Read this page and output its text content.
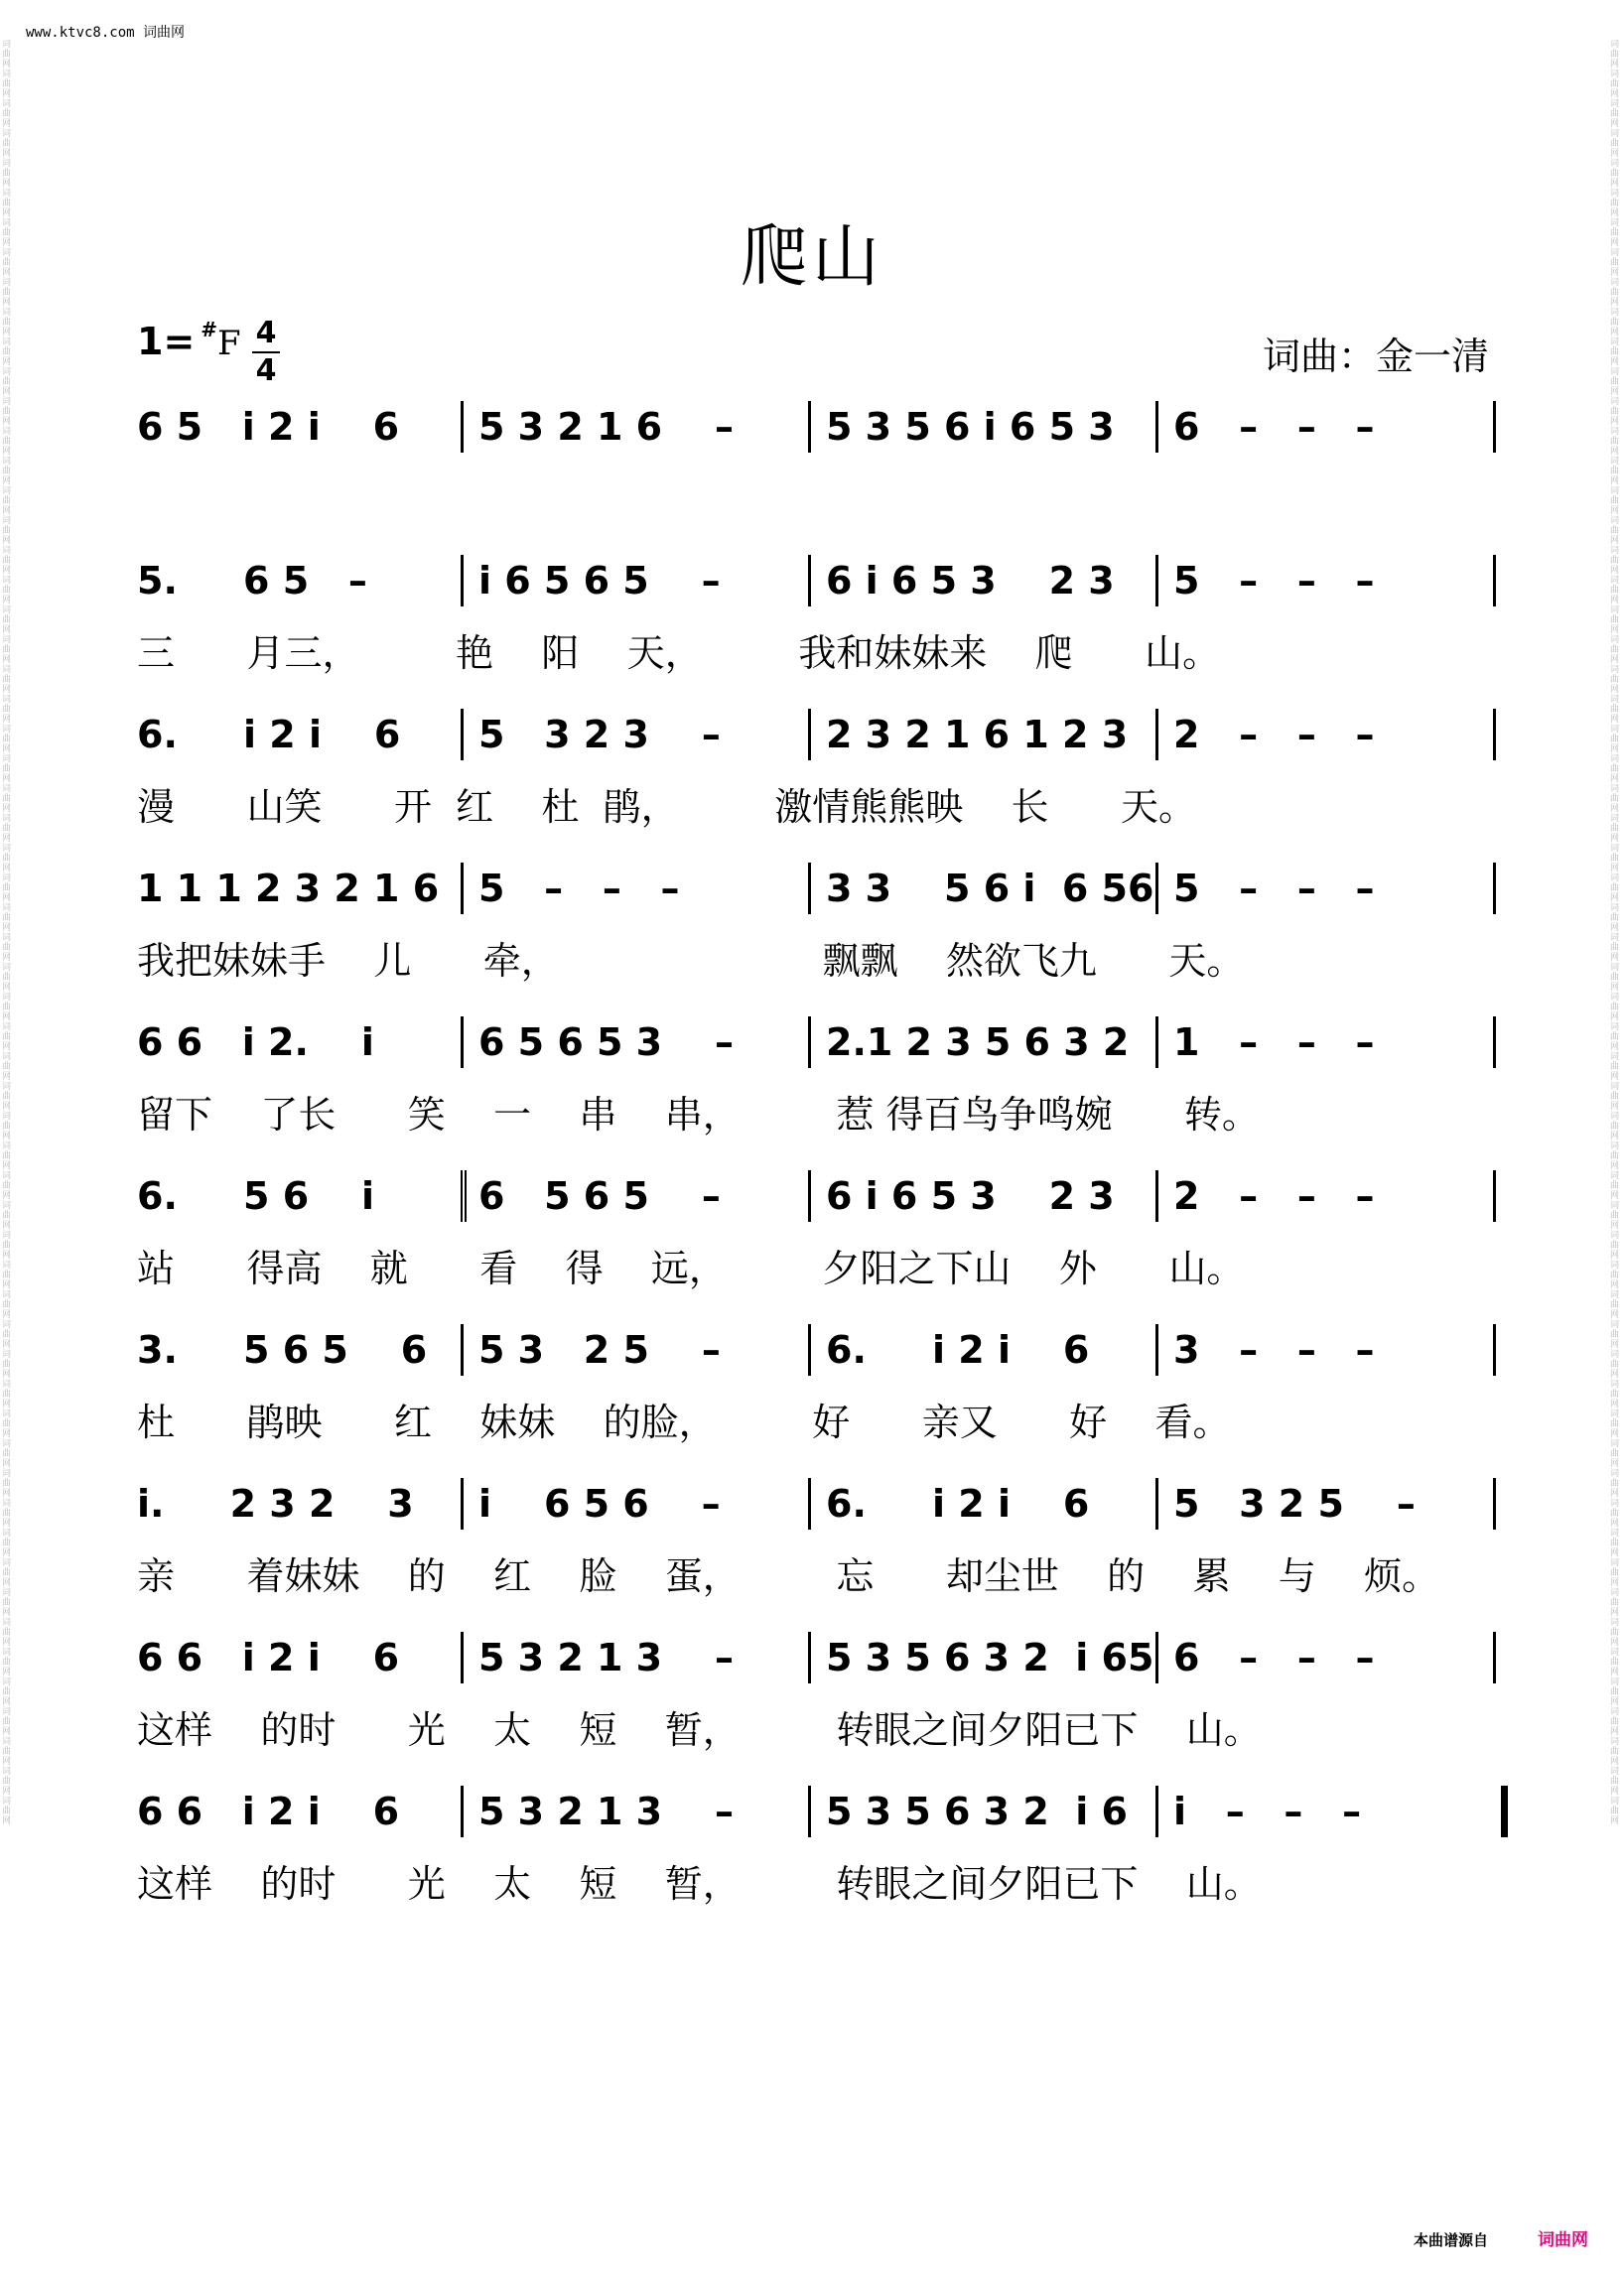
www.ktvc8.com 词曲网
词曲网词曲网词曲网词曲网词曲网词曲网词曲网词曲网词曲网词曲网词曲网词曲网词曲网词曲网词曲网词曲网词曲网词曲网词曲网词曲网词曲网词曲网词曲网词曲网词曲网词曲网词曲网词曲网词曲网词曲网词曲网词曲网词曲网词曲网词曲网词曲网词曲网词曲网词曲网词曲网词曲网词曲网词曲网词曲网词曲网词曲网词曲网词曲网词曲网词曲网词曲网词曲网词曲网词曲网词曲网词曲网词曲网词曲网词曲网词曲网
词曲网词曲网词曲网词曲网词曲网词曲网词曲网词曲网词曲网词曲网词曲网词曲网词曲网词曲网词曲网词曲网词曲网词曲网词曲网词曲网词曲网词曲网词曲网词曲网词曲网词曲网词曲网词曲网词曲网词曲网词曲网词曲网词曲网词曲网词曲网词曲网词曲网词曲网词曲网词曲网词曲网词曲网词曲网词曲网词曲网词曲网词曲网词曲网词曲网词曲网词曲网词曲网词曲网词曲网词曲网词曲网词曲网词曲网词曲网词曲网
爬山
1= #F 4
4	词曲：金一清
6 5   i 2 i    6	5 3 2 1 6    –	5 3 5 6 i 6 5 3	6   –   –   –
5.     6 5   –	i 6 5 6 5    –	6 i 6 5 3    2 3	5   –   –   –
三      月三，        艳    阳    天，        我和妹妹来    爬      山。
6.     i 2 i    6	5   3 2 3    –	2 3 2 1 6 1 2 3	2   –   –   –
漫      山笑      开  红    杜  鹃，        激情熊熊映    长      天。
1 1 1 2 3 2 1 6	5   –   –   –	3 3    5 6 i  6 56 5   –   –   –
我把妹妹手    儿      牵，                      飘飘    然欲飞九      天。
6 6   i 2.    i	6 5 6 5 3    –	2.1 2 3 5 6 3 2	1   –   –   –
留下    了长      笑    一    串    串，        惹 得百鸟争鸣婉      转。
6.     5 6    i	6   5 6 5    –	6 i 6 5 3    2 3	2   –   –   –
站      得高    就      看    得    远，        夕阳之下山    外      山。
3.     5 6 5    6	5 3   2 5    –	6.     i 2 i    6	3   –   –   –
杜      鹃映      红    妹妹    的脸，        好      亲又      好    看。
i.     2 3 2    3	i    6 5 6    –	6.     i 2 i    6	5   3 2 5    –
亲      着妹妹    的    红    脸    蛋，        忘      却尘世    的    累    与    烦。
6 6   i 2 i    6	5 3 2 1 3    –	5 3 5 6 3 2  i 65 6   –   –   –
这样    的时      光    太    短    暂，        转眼之间夕阳已下    山。
6 6   i 2 i    6	5 3 2 1 3    –	5 3 5 6 3 2  i 6	i   –   –   –
这样    的时      光    太    短    暂，        转眼之间夕阳已下    山。
本曲谱源自	词曲网
